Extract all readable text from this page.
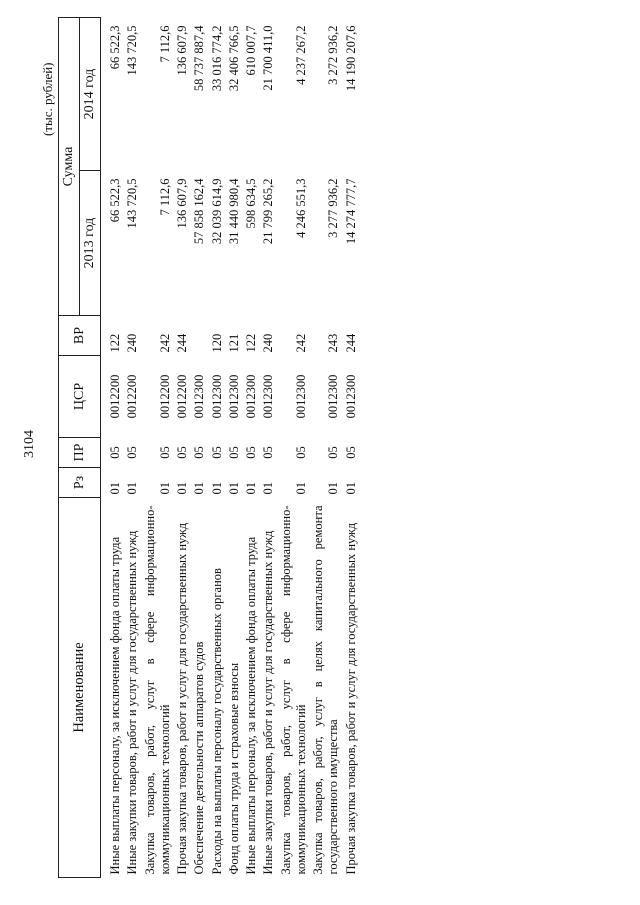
3104

(тыс. рублей)

Наименование	Рз	ПР	ЦСР	ВР	Сумма	
					2013 год	2014 год

Иные выплаты персоналу, за исключением фонда оплаты труда	01	05	0012200	122	66 522,3	66 522,3
Иные закупки товаров, работ и услуг для государственных нужд	01	05	0012200	240	143 720,5	143 720,5
Закупка товаров, работ, услуг в сфере информационно-коммуникационных технологий	01	05	0012200	242	7 112,6	7 112,6
Прочая закупка товаров, работ и услуг для государственных нужд	01	05	0012200	244	136 607,9	136 607,9
Обеспечение деятельности аппаратов судов	01	05	0012300		57 858 162,4	58 737 887,4
Расходы на выплаты персоналу государственных органов	01	05	0012300	120	32 039 614,9	33 016 774,2
Фонд оплаты труда и страховые взносы	01	05	0012300	121	31 440 980,4	32 406 766,5
Иные выплаты персоналу, за исключением фонда оплаты труда	01	05	0012300	122	598 634,5	610 007,7
Иные закупки товаров, работ и услуг для государственных нужд	01	05	0012300	240	21 799 265,2	21 700 411,0
Закупка товаров, работ, услуг в сфере информационно-коммуникационных технологий	01	05	0012300	242	4 246 551,3	4 237 267,2
Закупка товаров, работ, услуг в целях капитального ремонта государственного имущества	01	05	0012300	243	3 277 936,2	3 272 936,2
Прочая закупка товаров, работ и услуг для государственных нужд	01	05	0012300	244	14 274 777,7	14 190 207,6
